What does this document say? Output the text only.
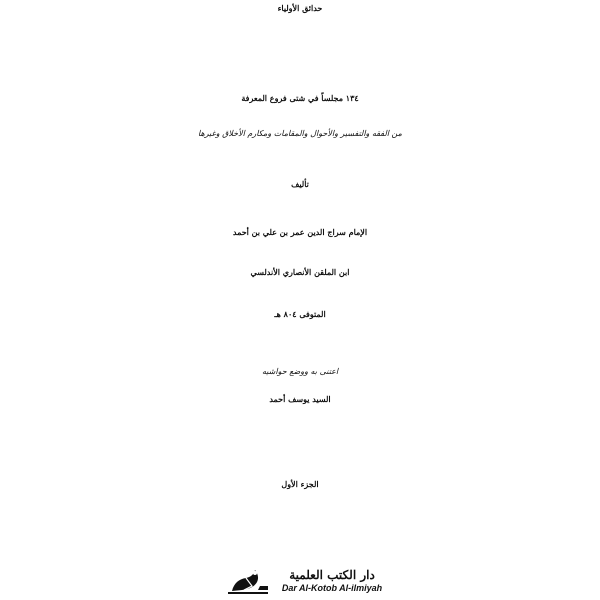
حدائق الأولياء
١٣٤ مجلساً في شتى فروع المعرفة
من الفقه والتفسير والأحوال والمقامات ومكارم الأخلاق وغيرها
تأليف
الإمام سراج الدين عمر بن علي بن أحمد
ابن الملقن الأنصاري الأندلسي
المتوفى ٨٠٤ هـ
اعتنى به ووضع حواشيه
السيد يوسف أحمد
الجزء الأول
دار الكتب العلمية
Dar Al-Kotob Al-ilmiyah
